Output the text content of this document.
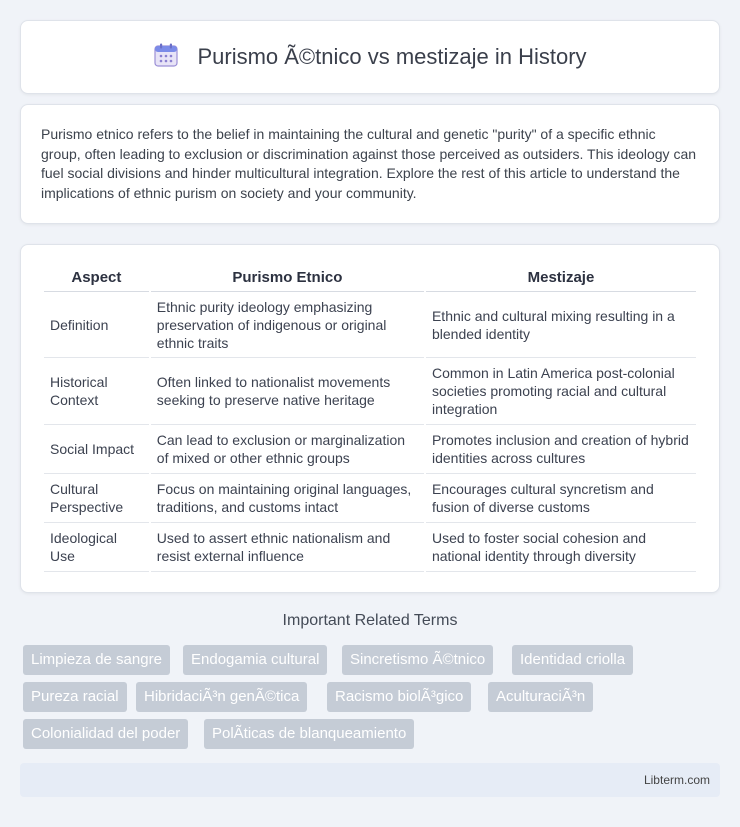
Purismo Ã©tnico vs mestizaje in History

Purismo etnico refers to the belief in maintaining the cultural and genetic "purity" of a specific ethnic group, often leading to exclusion or discrimination against those perceived as outsiders. This ideology can fuel social divisions and hinder multicultural integration. Explore the rest of this article to understand the implications of ethnic purism on society and your community.

Aspect	Purismo Etnico	Mestizaje
Definition	Ethnic purity ideology emphasizing preservation of indigenous or original ethnic traits	Ethnic and cultural mixing resulting in a blended identity
Historical Context	Often linked to nationalist movements seeking to preserve native heritage	Common in Latin America post-colonial societies promoting racial and cultural integration
Social Impact	Can lead to exclusion or marginalization of mixed or other ethnic groups	Promotes inclusion and creation of hybrid identities across cultures
Cultural Perspective	Focus on maintaining original languages, traditions, and customs intact	Encourages cultural syncretism and fusion of diverse customs
Ideological Use	Used to assert ethnic nationalism and resist external influence	Used to foster social cohesion and national identity through diversity
Important Related Terms
Limpieza de sangre	Endogamia cultural	Sincretismo Ã©tnico	Identidad criolla
Pureza racial	HibridaciÃ³n genÃ©tica	Racismo biolÃ³gico	AculturaciÃ³n
Colonialidad del poder	PolÃticas de blanqueamiento
Libterm.com
